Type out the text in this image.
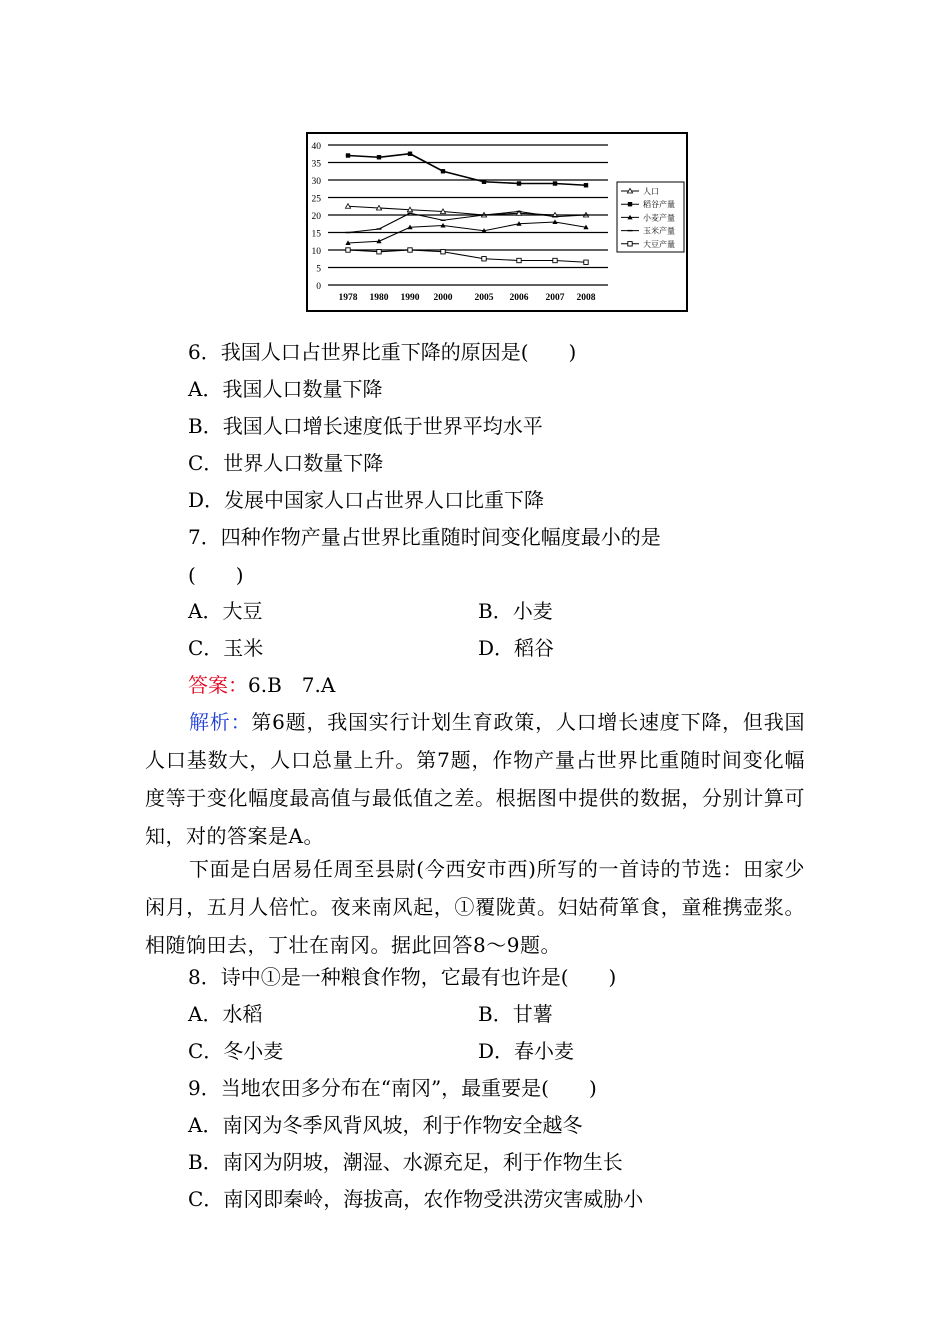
0
5
10
15
20
25
30
35
40
1978 1980 1990 2000 2005 2006 2007 2008
人口
稻谷产量
小麦产量
玉米产量
大豆产量
6．我国人口占世界比重下降的原因是(　　)
A．我国人口数量下降
B．我国人口增长速度低于世界平均水平
C．世界人口数量下降
D．发展中国家人口占世界人口比重下降
7．四种作物产量占世界比重随时间变化幅度最小的是
(　　)
A．大豆	B．小麦
C．玉米	D．稻谷
答案：6.B　7.A
解析：第6题，我国实行计划生育政策，人口增长速度下降，但我国人口基数大，人口总量上升。第7题，作物产量占世界比重随时间变化幅度等于变化幅度最高值与最低值之差。根据图中提供的数据，分别计算可知，对的答案是A。
下面是白居易任周至县尉(今西安市西)所写的一首诗的节选：田家少闲月，五月人倍忙。夜来南风起，①覆陇黄。妇姑荷箪食，童稚携壶浆。相随饷田去，丁壮在南冈。据此回答8～9题。
8．诗中①是一种粮食作物，它最有也许是(　　)
A．水稻	B．甘薯
C．冬小麦	D．春小麦
9．当地农田多分布在“南冈”，最重要是(　　)
A．南冈为冬季风背风坡，利于作物安全越冬
B．南冈为阴坡，潮湿、水源充足，利于作物生长
C．南冈即秦岭，海拔高，农作物受洪涝灾害威胁小
